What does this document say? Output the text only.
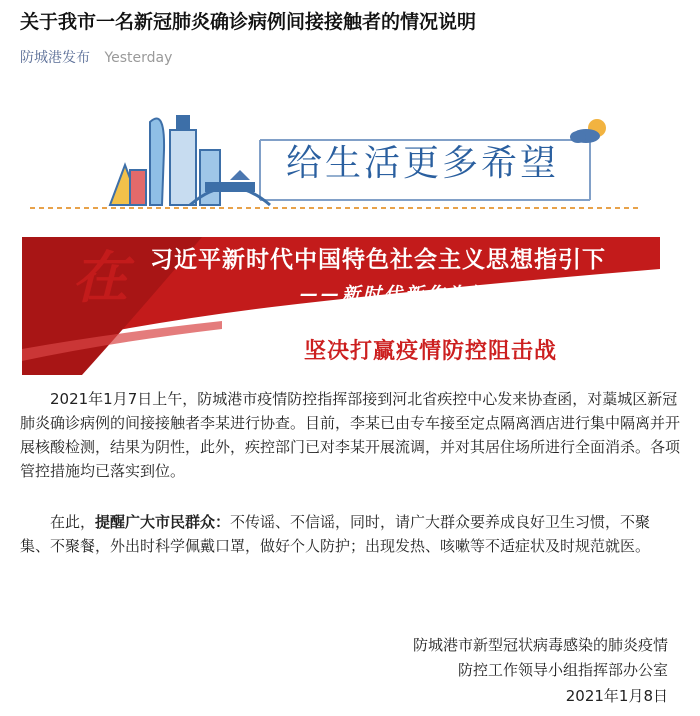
关于我市一名新冠肺炎确诊病例间接接触者的情况说明
防城港发布 Yesterday
给生活更多希望
在 习近平新时代中国特色社会主义思想指引下
——新时代新作为新篇章
坚决打赢疫情防控阻击战

2021年1月7日上午，防城港市疫情防控指挥部接到河北省疾控中心发来协查函，对藁城区新冠肺炎确诊病例的间接接触者李某进行协查。目前，李某已由专车接至定点隔离酒店进行集中隔离并开展核酸检测，结果为阴性，此外，疾控部门已对李某开展流调，并对其居住场所进行全面消杀。各项管控措施均已落实到位。

在此，提醒广大市民群众：不传谣、不信谣，同时，请广大群众要养成良好卫生习惯，不聚集、不聚餐，外出时科学佩戴口罩，做好个人防护；出现发热、咳嗽等不适症状及时规范就医。

防城港市新型冠状病毒感染的肺炎疫情
防控工作领导小组指挥部办公室
2021年1月8日
